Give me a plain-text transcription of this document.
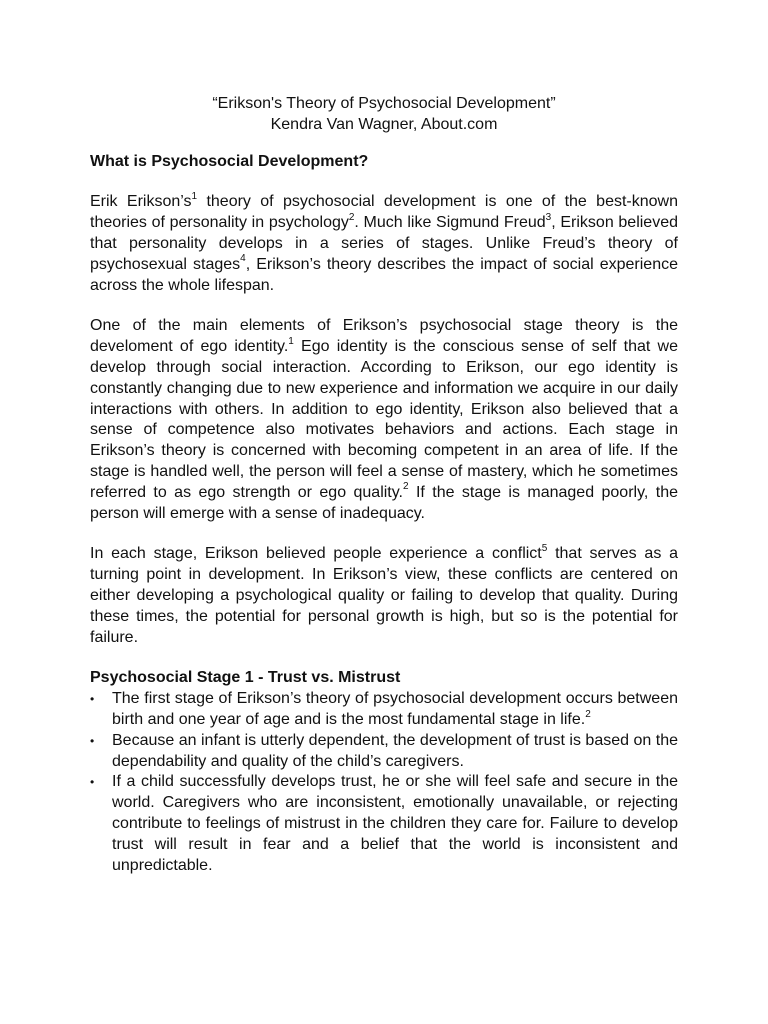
“Erikson's Theory of Psychosocial Development”
Kendra Van Wagner, About.com
What is Psychosocial Development?

Erik $Erikson’s^1$ theory of psychosocial development is one of the best-known theories of personality in psychology$^2$. Much like Sigmund Freud$^3$, Erikson believed that personality develops in a series of stages. Unlike Freud’s theory of psychosexual stages$^4$, Erikson’s theory describes the impact of social experience across the whole lifespan.

One of the main elements of Erikson’s psychosocial stage theory is the develoment of ego identity.$^1$ Ego identity is the conscious sense of self that we develop through social interaction. According to Erikson, our ego identity is constantly changing due to new experience and information we acquire in our daily interactions with others. In addition to ego identity, Erikson also believed that a sense of competence also motivates behaviors and actions. Each stage in Erikson’s theory is concerned with becoming competent in an area of life. If the stage is handled well, the person will feel a sense of mastery, which he sometimes referred to as ego strength or ego quality.$^2$ If the stage is managed poorly, the person will emerge with a sense of inadequacy.

In each stage, Erikson believed people experience a conflict$^5$ that serves as a turning point in development. In Erikson’s view, these conflicts are centered on either developing a psychological quality or failing to develop that quality. During these times, the potential for personal growth is high, but so is the potential for failure.

Psychosocial Stage 1 - Trust vs. Mistrust
•	The first stage of Erikson’s theory of psychosocial development occurs between birth and one year of age and is the most fundamental stage in life.$^2$
•	Because an infant is utterly dependent, the development of trust is based on the dependability and quality of the child’s caregivers.
•	If a child successfully develops trust, he or she will feel safe and secure in the world. Caregivers who are inconsistent, emotionally unavailable, or rejecting contribute to feelings of mistrust in the children they care for. Failure to develop trust will result in fear and a belief that the world is inconsistent and unpredictable.
